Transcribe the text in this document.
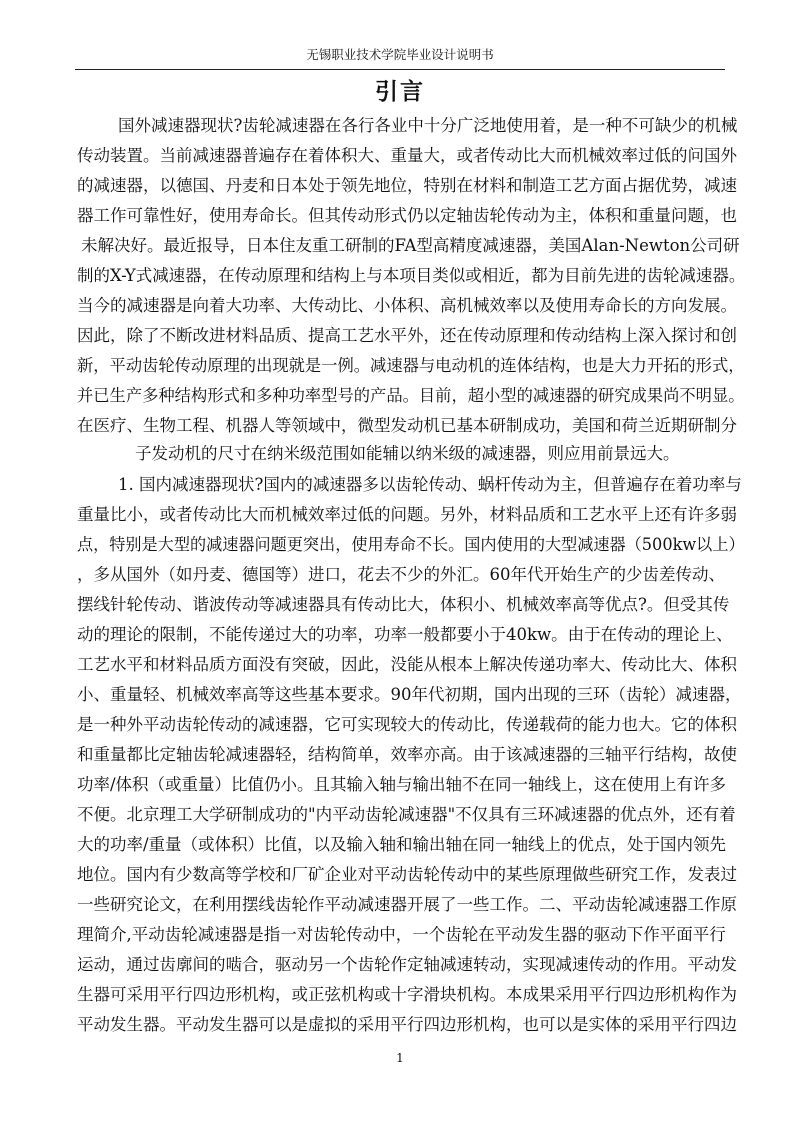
无锡职业技术学院毕业设计说明书
引言
国外减速器现状?齿轮减速器在各行各业中十分广泛地使用着，是一种不可缺少的机械
传动装置。当前减速器普遍存在着体积大、重量大，或者传动比大而机械效率过低的问国外
的减速器，以德国、丹麦和日本处于领先地位，特别在材料和制造工艺方面占据优势，减速
器工作可靠性好，使用寿命长。但其传动形式仍以定轴齿轮传动为主，体积和重量问题，也
未解决好。最近报导，日本住友重工研制的FA型高精度减速器，美国Alan-Newton公司研
制的X-Y式减速器，在传动原理和结构上与本项目类似或相近，都为目前先进的齿轮减速器。
当今的减速器是向着大功率、大传动比、小体积、高机械效率以及使用寿命长的方向发展。
因此，除了不断改进材料品质、提高工艺水平外，还在传动原理和传动结构上深入探讨和创
新，平动齿轮传动原理的出现就是一例。减速器与电动机的连体结构，也是大力开拓的形式，
并已生产多种结构形式和多种功率型号的产品。目前，超小型的减速器的研究成果尚不明显。
在医疗、生物工程、机器人等领域中，微型发动机已基本研制成功，美国和荷兰近期研制分
子发动机的尺寸在纳米级范围如能辅以纳米级的减速器，则应用前景远大。
1. 国内减速器现状?国内的减速器多以齿轮传动、蜗杆传动为主，但普遍存在着功率与
重量比小，或者传动比大而机械效率过低的问题。另外，材料品质和工艺水平上还有许多弱
点，特别是大型的减速器问题更突出，使用寿命不长。国内使用的大型减速器（500kw以上）
，多从国外（如丹麦、德国等）进口，花去不少的外汇。60年代开始生产的少齿差传动、
摆线针轮传动、谐波传动等减速器具有传动比大，体积小、机械效率高等优点?。但受其传
动的理论的限制，不能传递过大的功率，功率一般都要小于40kw。由于在传动的理论上、
工艺水平和材料品质方面没有突破，因此，没能从根本上解决传递功率大、传动比大、体积
小、重量轻、机械效率高等这些基本要求。90年代初期，国内出现的三环（齿轮）减速器，
是一种外平动齿轮传动的减速器，它可实现较大的传动比，传递载荷的能力也大。它的体积
和重量都比定轴齿轮减速器轻，结构简单，效率亦高。由于该减速器的三轴平行结构，故使
功率/体积（或重量）比值仍小。且其输入轴与输出轴不在同一轴线上，这在使用上有许多
不便。北京理工大学研制成功的"内平动齿轮减速器"不仅具有三环减速器的优点外，还有着
大的功率/重量（或体积）比值，以及输入轴和输出轴在同一轴线上的优点，处于国内领先
地位。国内有少数高等学校和厂矿企业对平动齿轮传动中的某些原理做些研究工作，发表过
一些研究论文，在利用摆线齿轮作平动减速器开展了一些工作。二、平动齿轮减速器工作原
理简介,平动齿轮减速器是指一对齿轮传动中，一个齿轮在平动发生器的驱动下作平面平行
运动，通过齿廓间的啮合，驱动另一个齿轮作定轴减速转动，实现减速传动的作用。平动发
生器可采用平行四边形机构，或正弦机构或十字滑块机构。本成果采用平行四边形机构作为
平动发生器。平动发生器可以是虚拟的采用平行四边形机构，也可以是实体的采用平行四边
1
